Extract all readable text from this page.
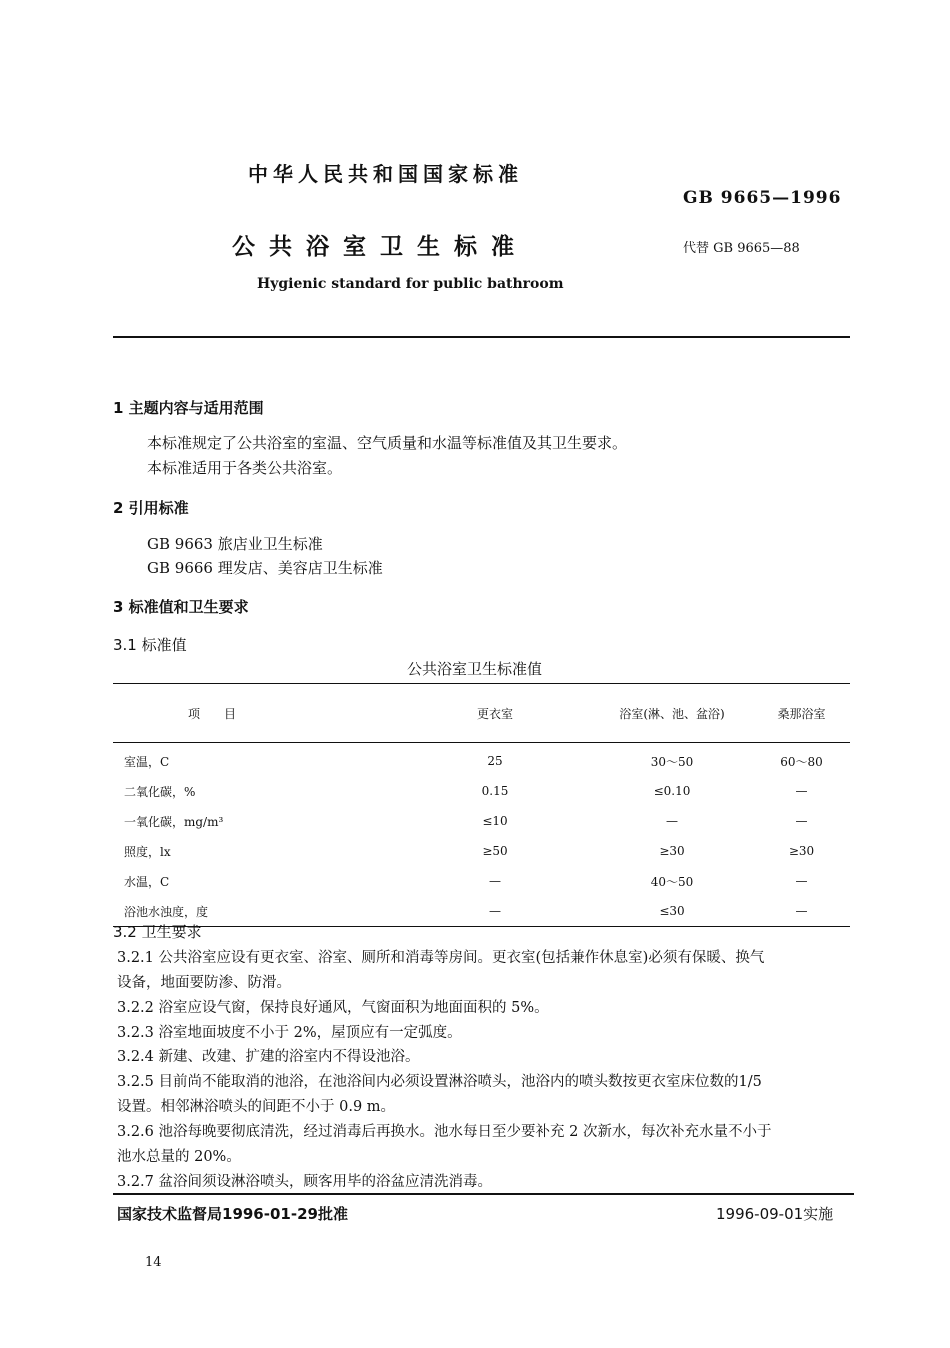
中华人民共和国国家标准
GB 9665—1996
公共浴室卫生标准	代替 GB 9665—88
Hygienic standard for public bathroom
1 主题内容与适用范围
本标准规定了公共浴室的室温、空气质量和水温等标准值及其卫生要求。
本标准适用于各类公共浴室。
2 引用标准
GB 9663 旅店业卫生标准
GB 9666 理发店、美容店卫生标准
3 标准值和卫生要求
3.1 标准值
公共浴室卫生标准值
项　　目	更衣室	浴室(淋、池、盆浴)	桑那浴室
室温，C	25	30～50	60～80
二氧化碳，%	0.15	≤0.10	—
一氧化碳，mg/m³	≤10	—	—
照度，lx	≥50	≥30	≥30
水温，C	—	40～50	—
浴池水浊度，度	—	≤30	—
3.2 卫生要求
3.2.1 公共浴室应设有更衣室、浴室、厕所和消毒等房间。更衣室(包括兼作休息室)必须有保暖、换气
设备，地面要防渗、防滑。
3.2.2 浴室应设气窗，保持良好通风，气窗面积为地面面积的 5%。
3.2.3 浴室地面坡度不小于 2%，屋顶应有一定弧度。
3.2.4 新建、改建、扩建的浴室内不得设池浴。
3.2.5 目前尚不能取消的池浴，在池浴间内必须设置淋浴喷头，池浴内的喷头数按更衣室床位数的1/5
设置。相邻淋浴喷头的间距不小于 0.9 m。
3.2.6 池浴每晚要彻底清洗，经过消毒后再换水。池水每日至少要补充 2 次新水，每次补充水量不小于
池水总量的 20%。
3.2.7 盆浴间须设淋浴喷头，顾客用毕的浴盆应清洗消毒。
国家技术监督局1996-01-29批准	1996-09-01实施
14
